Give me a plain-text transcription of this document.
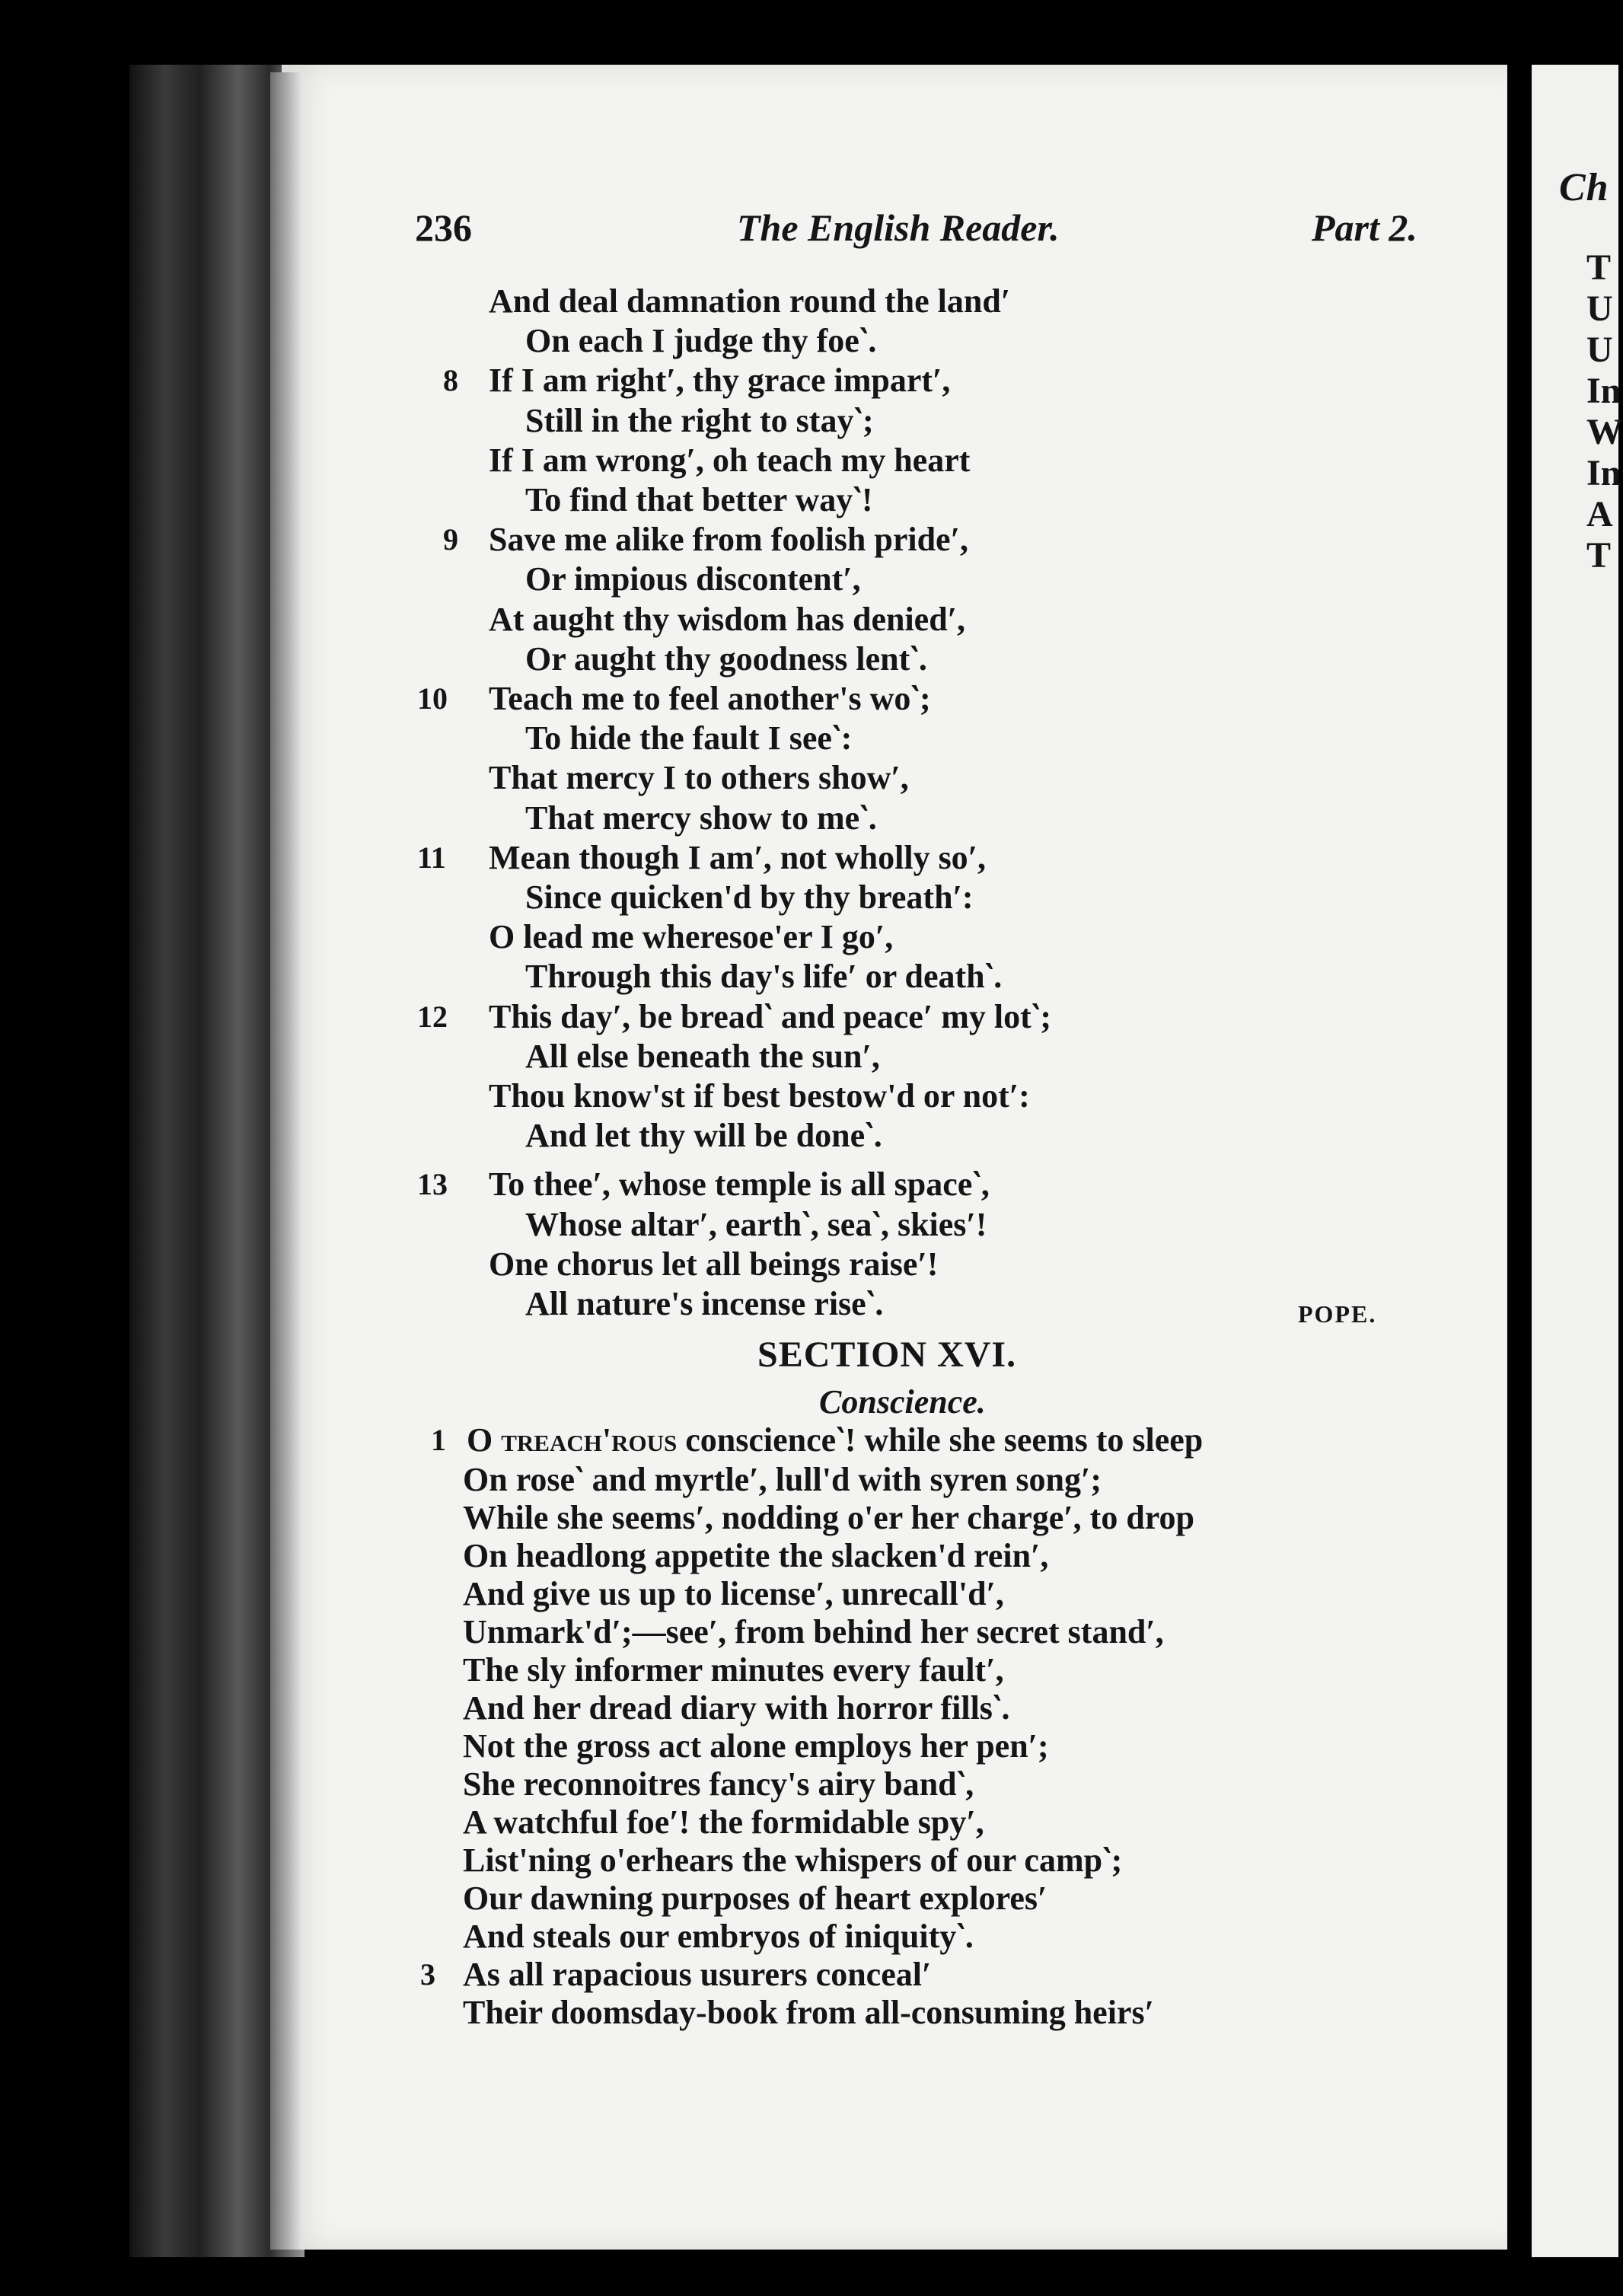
Ch
T
U
U
In
W
In
A
T
236	The English Reader.	Part 2.
And deal damnation round the land′
On each I judge thy foe‵.
8 If I am right′, thy grace impart′,
Still in the right to stay‵;
If I am wrong′, oh teach my heart
To find that better way‵!
9 Save me alike from foolish pride′,
Or impious discontent′,
At aught thy wisdom has denied′,
Or aught thy goodness lent‵.
10 Teach me to feel another's wo‵;
To hide the fault I see‵:
That mercy I to others show′,
That mercy show to me‵.
11 Mean though I am′, not wholly so′,
Since quicken'd by thy breath′:
O lead me wheresoe'er I go′,
Through this day's life′ or death‵.
12 This day′, be bread‵ and peace′ my lot‵;
All else beneath the sun′,
Thou know'st if best bestow'd or not′:
And let thy will be done‵.
13 To thee′, whose temple is all space‵,
Whose altar′, earth‵, sea‵, skies′!
One chorus let all beings raise′!
All nature's incense rise‵.	POPE.
SECTION XVI.
Conscience.
1 O treach'rous conscience‵! while she seems to sleep
On rose‵ and myrtle′, lull'd with syren song′;
While she seems′, nodding o'er her charge′, to drop
On headlong appetite the slacken'd rein′,
And give us up to license′, unrecall'd′,
Unmark'd′;—see′, from behind her secret stand′,
The sly informer minutes every fault′,
And her dread diary with horror fills‵.
Not the gross act alone employs her pen′;
She reconnoitres fancy's airy band‵,
A watchful foe′! the formidable spy′,
List'ning o'erhears the whispers of our camp‵;
Our dawning purposes of heart explores′
And steals our embryos of iniquity‵.
3 As all rapacious usurers conceal′
Their doomsday-book from all-consuming heirs′
